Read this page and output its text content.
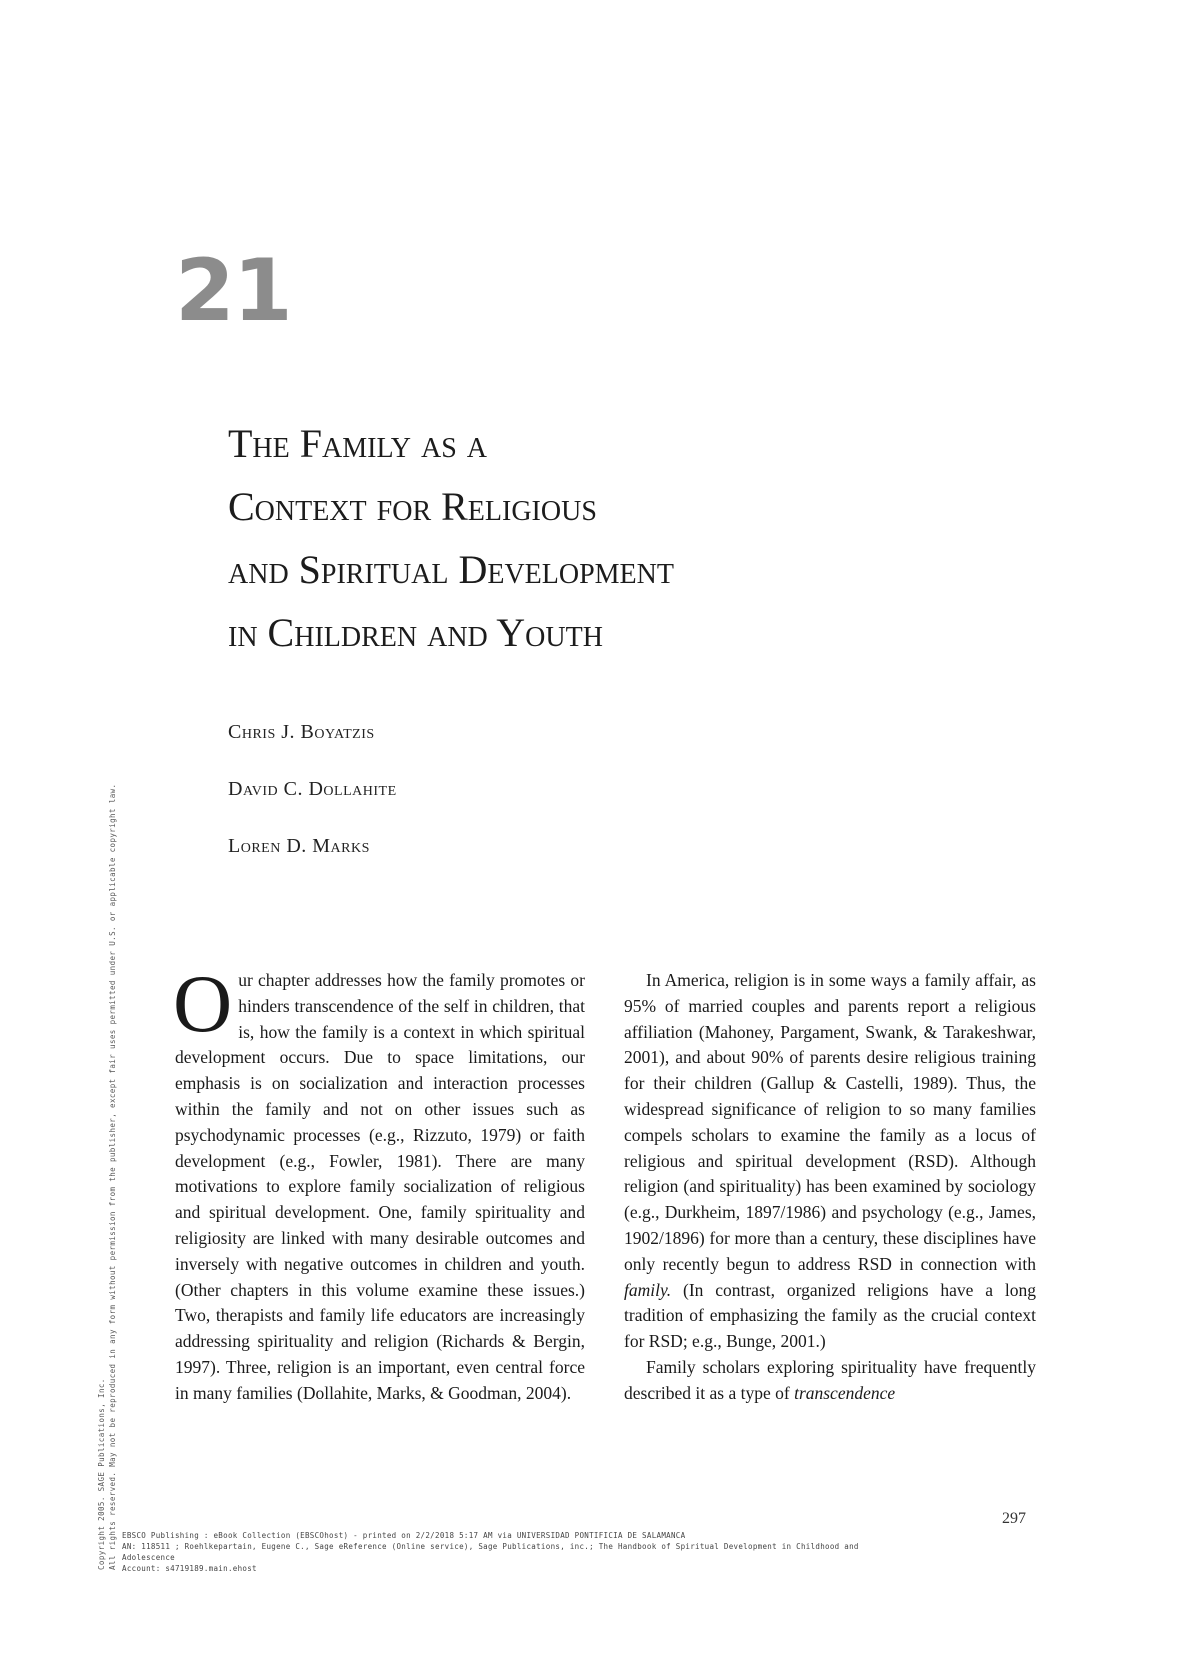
21
The Family as a
Context for Religious
and Spiritual Development
in Children and Youth
Chris J. Boyatzis
David C. Dollahite
Loren D. Marks

Our chapter addresses how the family promotes or hinders transcendence of the self in children, that is, how the family is a context in which spiritual development occurs. Due to space limitations, our emphasis is on socialization and interaction processes within the family and not on other issues such as psychodynamic processes (e.g., Rizzuto, 1979) or faith development (e.g., Fowler, 1981). There are many motivations to explore family socialization of religious and spiritual development. One, family spirituality and religiosity are linked with many desirable outcomes and inversely with negative outcomes in children and youth. (Other chapters in this volume examine these issues.) Two, therapists and family life educators are increasingly addressing spirituality and religion (Richards & Bergin, 1997). Three, religion is an important, even central force in many families (Dollahite, Marks, & Goodman, 2004).

In America, religion is in some ways a family affair, as 95% of married couples and parents report a religious affiliation (Mahoney, Pargament, Swank, & Tarakeshwar, 2001), and about 90% of parents desire religious training for their children (Gallup & Castelli, 1989). Thus, the widespread significance of religion to so many families compels scholars to examine the family as a locus of religious and spiritual development (RSD). Although religion (and spirituality) has been examined by sociology (e.g., Durkheim, 1897/1986) and psychology (e.g., James, 1902/1896) for more than a century, these disciplines have only recently begun to address RSD in connection with family. (In contrast, organized religions have a long tradition of emphasizing the family as the crucial context for RSD; e.g., Bunge, 2001.)

Family scholars exploring spirituality have frequently described it as a type of transcendence

297
EBSCO Publishing : eBook Collection (EBSCOhost) - printed on 2/2/2018 5:17 AM via UNIVERSIDAD PONTIFICIA DE SALAMANCA
AN: 118511 ; Roehlkepartain, Eugene C., Sage eReference (Online service), Sage Publications, inc.; The Handbook of Spiritual Development in Childhood and
Adolescence
Account: s4719189.main.ehost
Copyright 2005. SAGE Publications, Inc. All rights reserved. May not be reproduced in any form without permission from the publisher, except fair uses permitted under U.S. or applicable copyright law.
